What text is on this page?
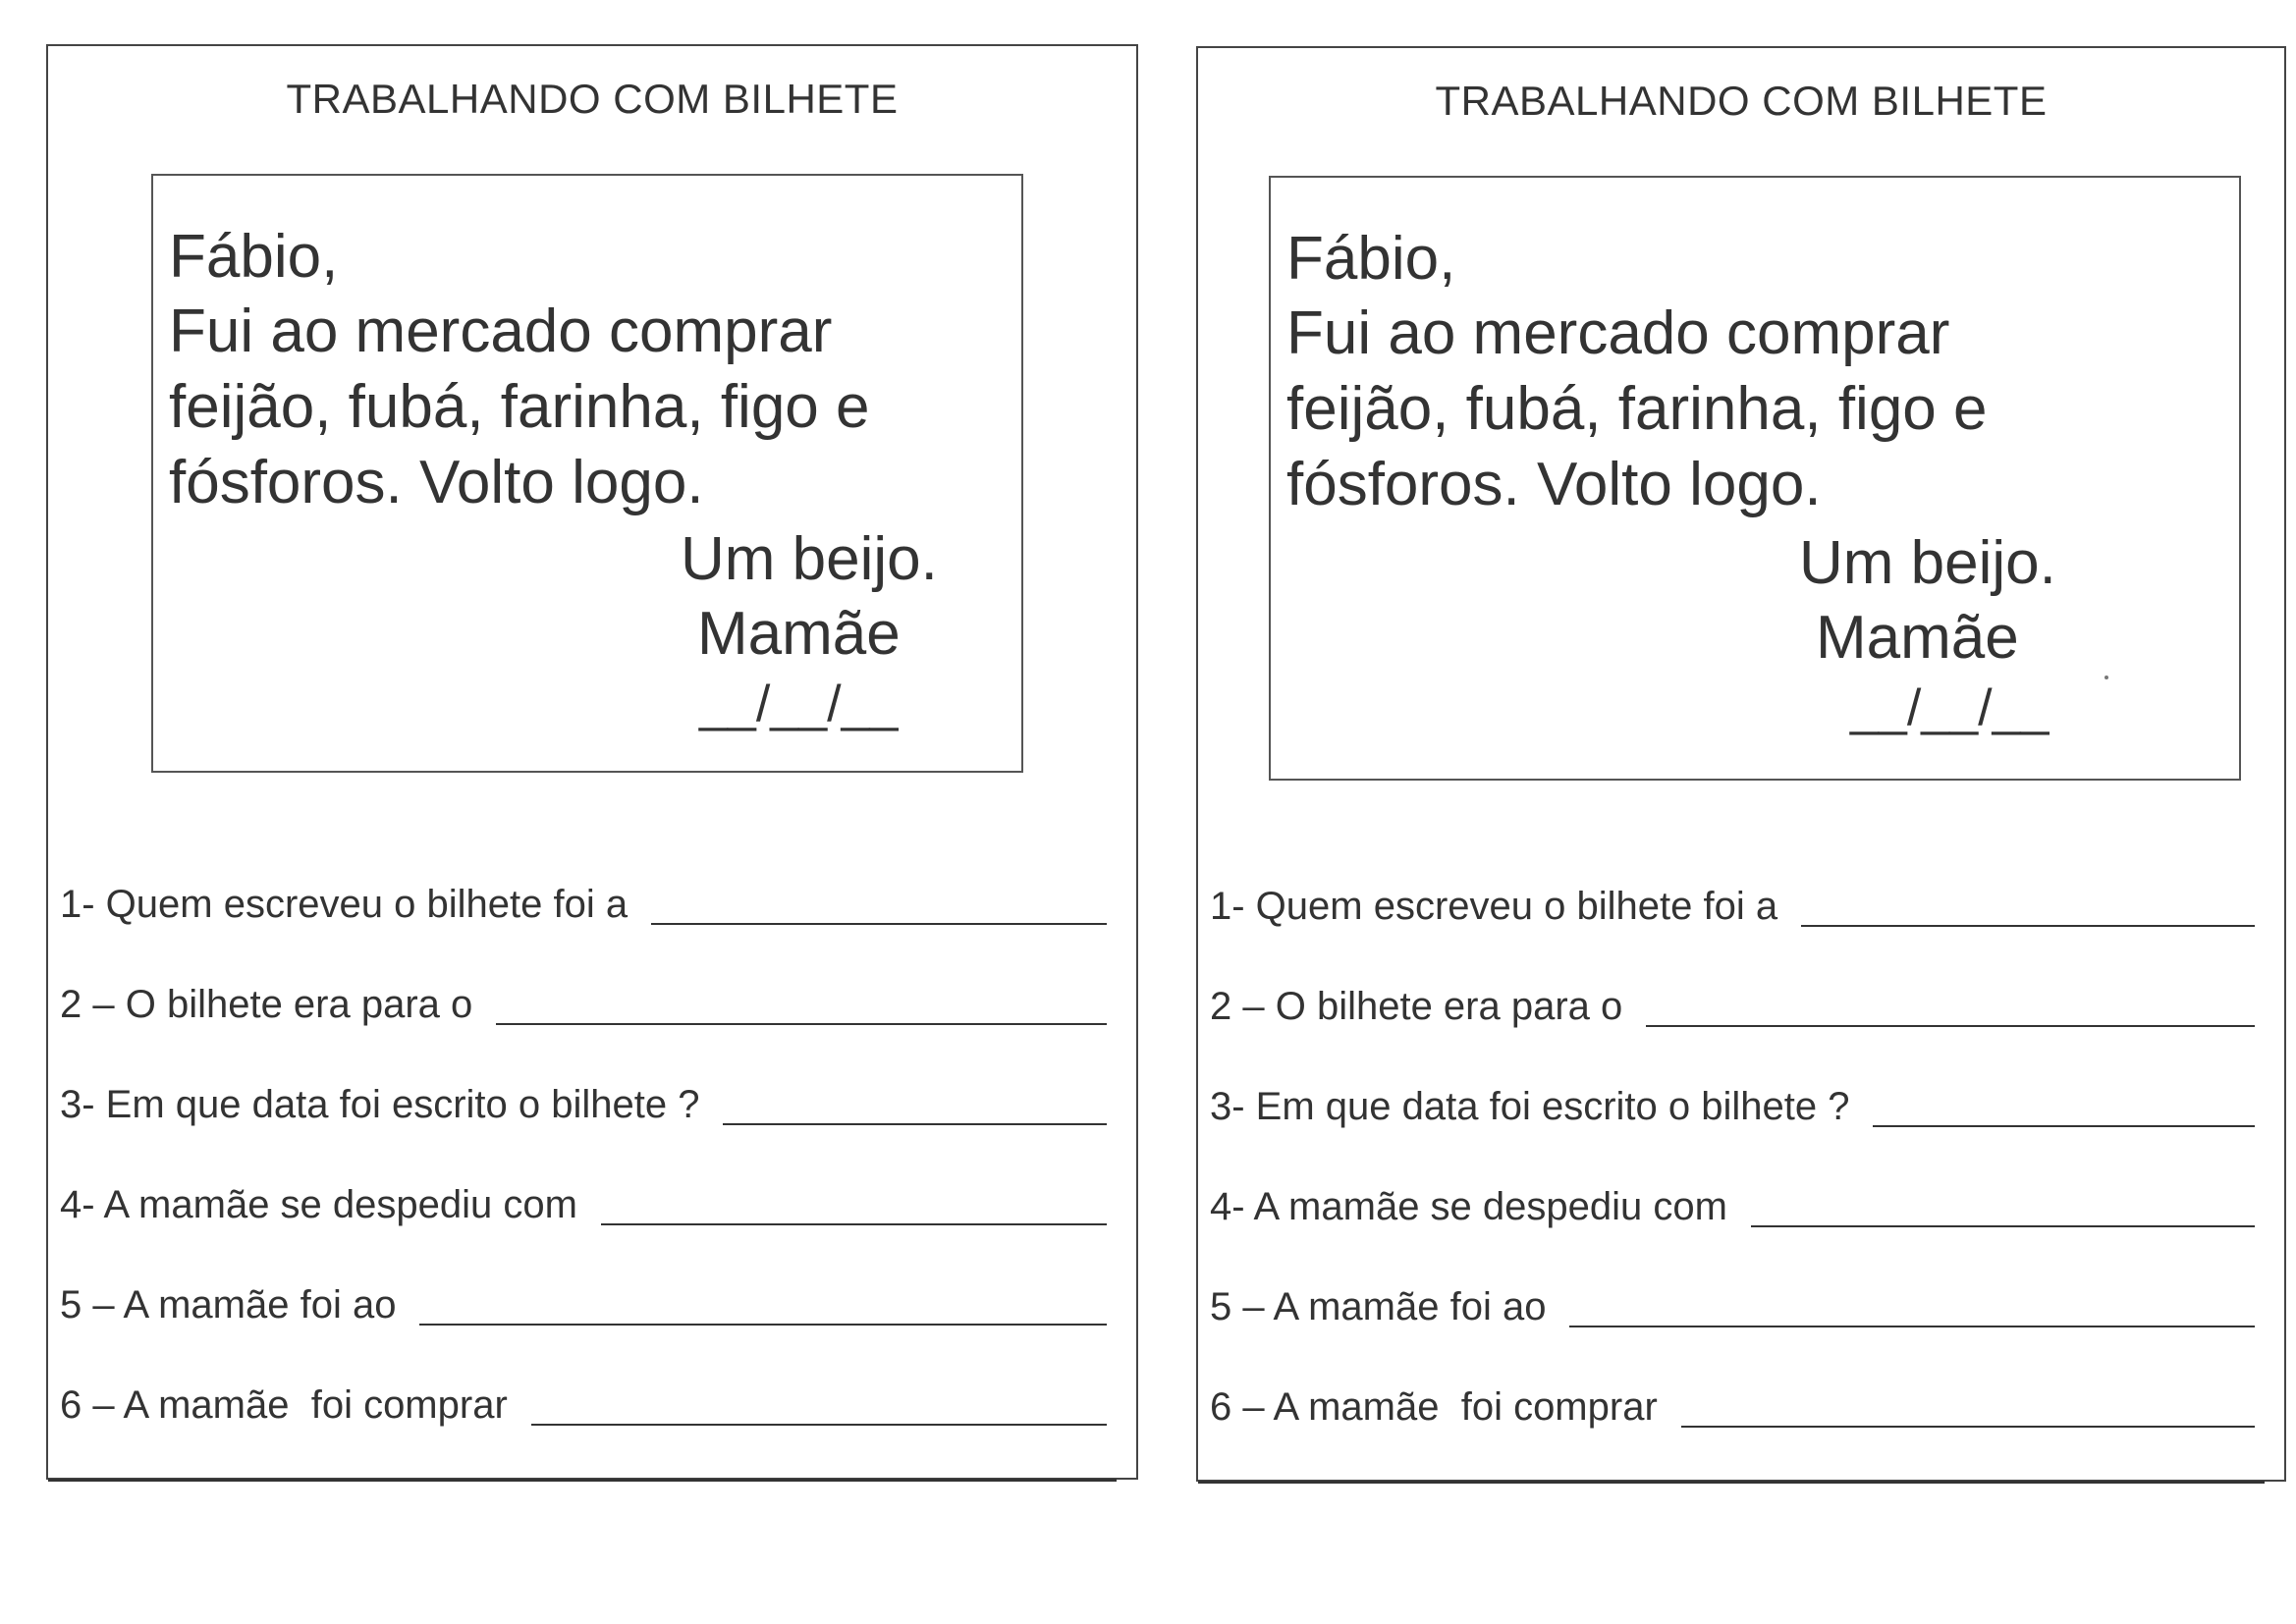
TRABALHANDO COM BILHETE
Fábio,
Fui ao mercado comprar
feijão, fubá, farinha, figo e
fósforos. Volto logo.
Um beijo.
Mamãe
__/__/__
1- Quem escreveu o bilhete foi a
2 – O bilhete era para o
3- Em que data foi escrito o bilhete ?
4- A mamãe se despediu com
5 – A mamãe foi ao
6 – A mamãe  foi comprar
TRABALHANDO COM BILHETE
Fábio,
Fui ao mercado comprar
feijão, fubá, farinha, figo e
fósforos. Volto logo.
Um beijo.
Mamãe
__/__/__
1- Quem escreveu o bilhete foi a
2 – O bilhete era para o
3- Em que data foi escrito o bilhete ?
4- A mamãe se despediu com
5 – A mamãe foi ao
6 – A mamãe  foi comprar
